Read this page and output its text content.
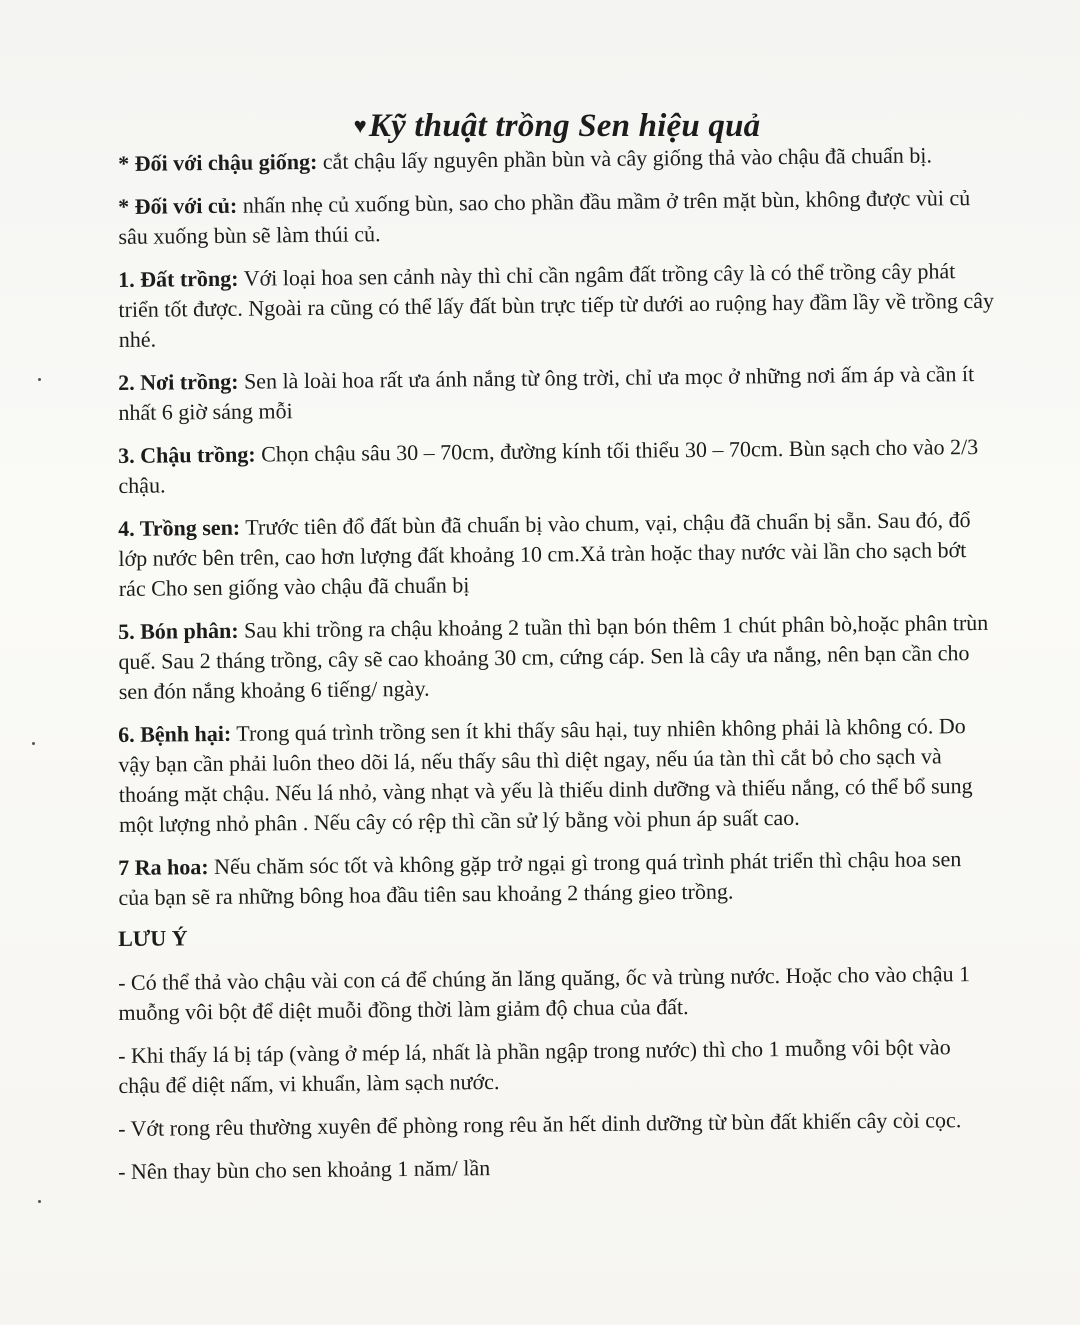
♥Kỹ thuật trồng Sen hiệu quả

* Đối với chậu giống: cắt chậu lấy nguyên phần bùn và cây giống thả vào chậu đã chuẩn bị.

* Đối với củ: nhấn nhẹ củ xuống bùn, sao cho phần đầu mầm ở trên mặt bùn, không được vùi củ sâu xuống bùn sẽ làm thúi củ.

1. Đất trồng: Với loại hoa sen cảnh này thì chỉ cần ngâm đất trồng cây là có thể trồng cây phát triển tốt được. Ngoài ra cũng có thể lấy đất bùn trực tiếp từ dưới ao ruộng hay đầm lầy về trồng cây nhé.

2. Nơi trồng: Sen là loài hoa rất ưa ánh nắng từ ông trời, chỉ ưa mọc ở những nơi ấm áp và cần ít nhất 6 giờ sáng mỗi

3. Chậu trồng: Chọn chậu sâu 30 – 70cm, đường kính tối thiểu 30 – 70cm. Bùn sạch cho vào 2/3 chậu.

4. Trồng sen: Trước tiên đổ đất bùn đã chuẩn bị vào chum, vại, chậu đã chuẩn bị sẵn. Sau đó, đổ lớp nước bên trên, cao hơn lượng đất khoảng 10 cm.Xả tràn hoặc thay nước vài lần cho sạch bớt rác Cho sen giống vào chậu đã chuẩn bị

5. Bón phân: Sau khi trồng ra chậu khoảng 2 tuần thì bạn bón thêm 1 chút phân bò,hoặc phân trùn quế. Sau 2 tháng trồng, cây sẽ cao khoảng 30 cm, cứng cáp. Sen là cây ưa nắng, nên bạn cần cho sen đón nắng khoảng 6 tiếng/ ngày.

6. Bệnh hại: Trong quá trình trồng sen ít khi thấy sâu hại, tuy nhiên không phải là không có. Do vậy bạn cần phải luôn theo dõi lá, nếu thấy sâu thì diệt ngay, nếu úa tàn thì cắt bỏ cho sạch và thoáng mặt chậu. Nếu lá nhỏ, vàng nhạt và yếu là thiếu dinh dưỡng và thiếu nắng, có thể bổ sung một lượng nhỏ phân . Nếu cây có rệp thì cần sử lý bằng vòi phun áp suất cao.

7 Ra hoa: Nếu chăm sóc tốt và không gặp trở ngại gì trong quá trình phát triển thì chậu hoa sen của bạn sẽ ra những bông hoa đầu tiên sau khoảng 2 tháng gieo trồng.

LƯU Ý

- Có thể thả vào chậu vài con cá để chúng ăn lăng quăng, ốc và trùng nước. Hoặc cho vào chậu 1 muỗng vôi bột để diệt muỗi đồng thời làm giảm độ chua của đất.

- Khi thấy lá bị táp (vàng ở mép lá, nhất là phần ngập trong nước) thì cho 1 muỗng vôi bột vào chậu để diệt nấm, vi khuẩn, làm sạch nước.

- Vớt rong rêu thường xuyên để phòng rong rêu ăn hết dinh dưỡng từ bùn đất khiến cây còi cọc.

- Nên thay bùn cho sen khoảng 1 năm/ lần
